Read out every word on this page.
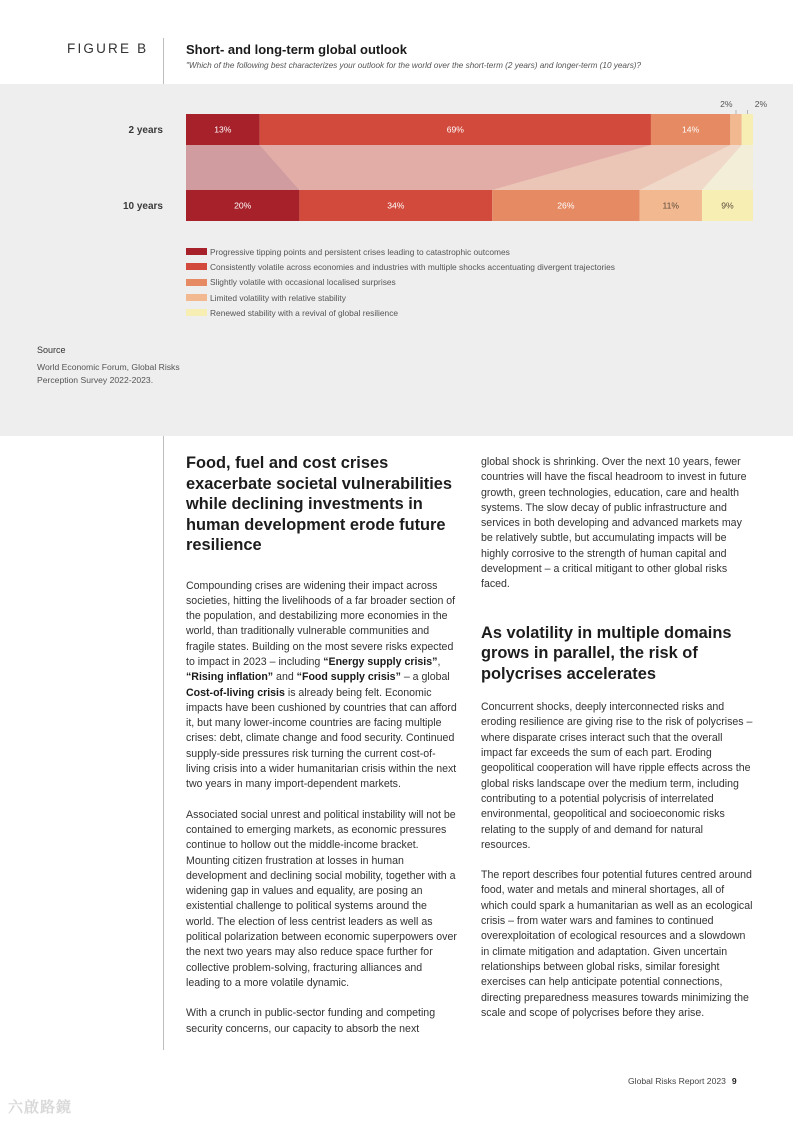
FIGURE B	Short- and long-term global outlook
"Which of the following best characterizes your outlook for the world over the short-term (2 years) and longer-term (10 years)?
2 years
10 years
13%	69%	14%
2%	2%
20%	34%	26%	11%	9%
Progressive tipping points and persistent crises leading to catastrophic outcomes
Consistently volatile across economies and industries with multiple shocks accentuating divergent trajectories
Slightly volatile with occasional localised surprises
Limited volatility with relative stability
Renewed stability with a revival of global resilience
Source
World Economic Forum, Global Risks Perception Survey 2022-2023.
Food, fuel and cost crises exacerbate societal vulnerabilities while declining investments in human development erode future resilience

Compounding crises are widening their impact across societies, hitting the livelihoods of a far broader section of the population, and destabilizing more economies in the world, than traditionally vulnerable communities and fragile states. Building on the most severe risks expected to impact in 2023 – including “Energy supply crisis”, “Rising inflation” and “Food supply crisis” – a global Cost-of-living crisis is already being felt. Economic impacts have been cushioned by countries that can afford it, but many lower-income countries are facing multiple crises: debt, climate change and food security. Continued supply-side pressures risk turning the current cost-of-living crisis into a wider humanitarian crisis within the next two years in many import-dependent markets.

Associated social unrest and political instability will not be contained to emerging markets, as economic pressures continue to hollow out the middle-income bracket. Mounting citizen frustration at losses in human development and declining social mobility, together with a widening gap in values and equality, are posing an existential challenge to political systems around the world. The election of less centrist leaders as well as political polarization between economic superpowers over the next two years may also reduce space further for collective problem-solving, fracturing alliances and leading to a more volatile dynamic.

With a crunch in public-sector funding and competing security concerns, our capacity to absorb the next

global shock is shrinking. Over the next 10 years, fewer countries will have the fiscal headroom to invest in future growth, green technologies, education, care and health systems. The slow decay of public infrastructure and services in both developing and advanced markets may be relatively subtle, but accumulating impacts will be highly corrosive to the strength of human capital and development – a critical mitigant to other global risks faced.

As volatility in multiple domains grows in parallel, the risk of polycrises accelerates

Concurrent shocks, deeply interconnected risks and eroding resilience are giving rise to the risk of polycrises – where disparate crises interact such that the overall impact far exceeds the sum of each part. Eroding geopolitical cooperation will have ripple effects across the global risks landscape over the medium term, including contributing to a potential polycrisis of interrelated environmental, geopolitical and socioeconomic risks relating to the supply of and demand for natural resources.

The report describes four potential futures centred around food, water and metals and mineral shortages, all of which could spark a humanitarian as well as an ecological crisis – from water wars and famines to continued overexploitation of ecological resources and a slowdown in climate mitigation and adaptation. Given uncertain relationships between global risks, similar foresight exercises can help anticipate potential connections, directing preparedness measures towards minimizing the scale and scope of polycrises before they arise.

Global Risks Report 2023 9
六啟路鏡
